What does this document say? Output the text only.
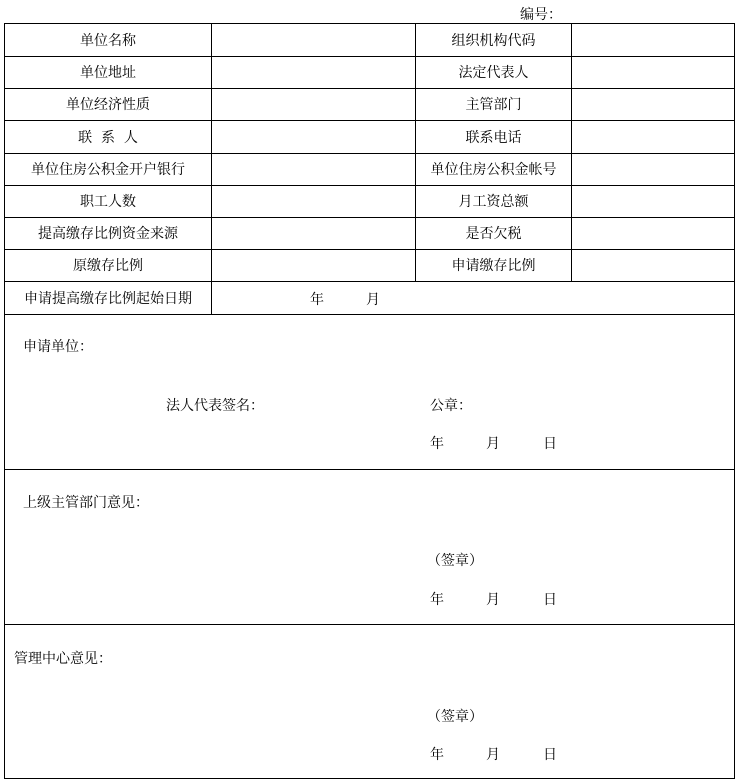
编号：
单位名称	组织机构代码
单位地址	法定代表人
单位经济性质	主管部门
联  系  人	联系电话
单位住房公积金开户银行	单位住房公积金帐号
职工人数	月工资总额
提高缴存比例资金来源	是否欠税
原缴存比例	申请缴存比例
申请提高缴存比例起始日期	年	月
申请单位：
法人代表签名：	公章：
年	月	日
上级主管部门意见：
（签章）
年	月	日
管理中心意见：
（签章）
年	月	日
